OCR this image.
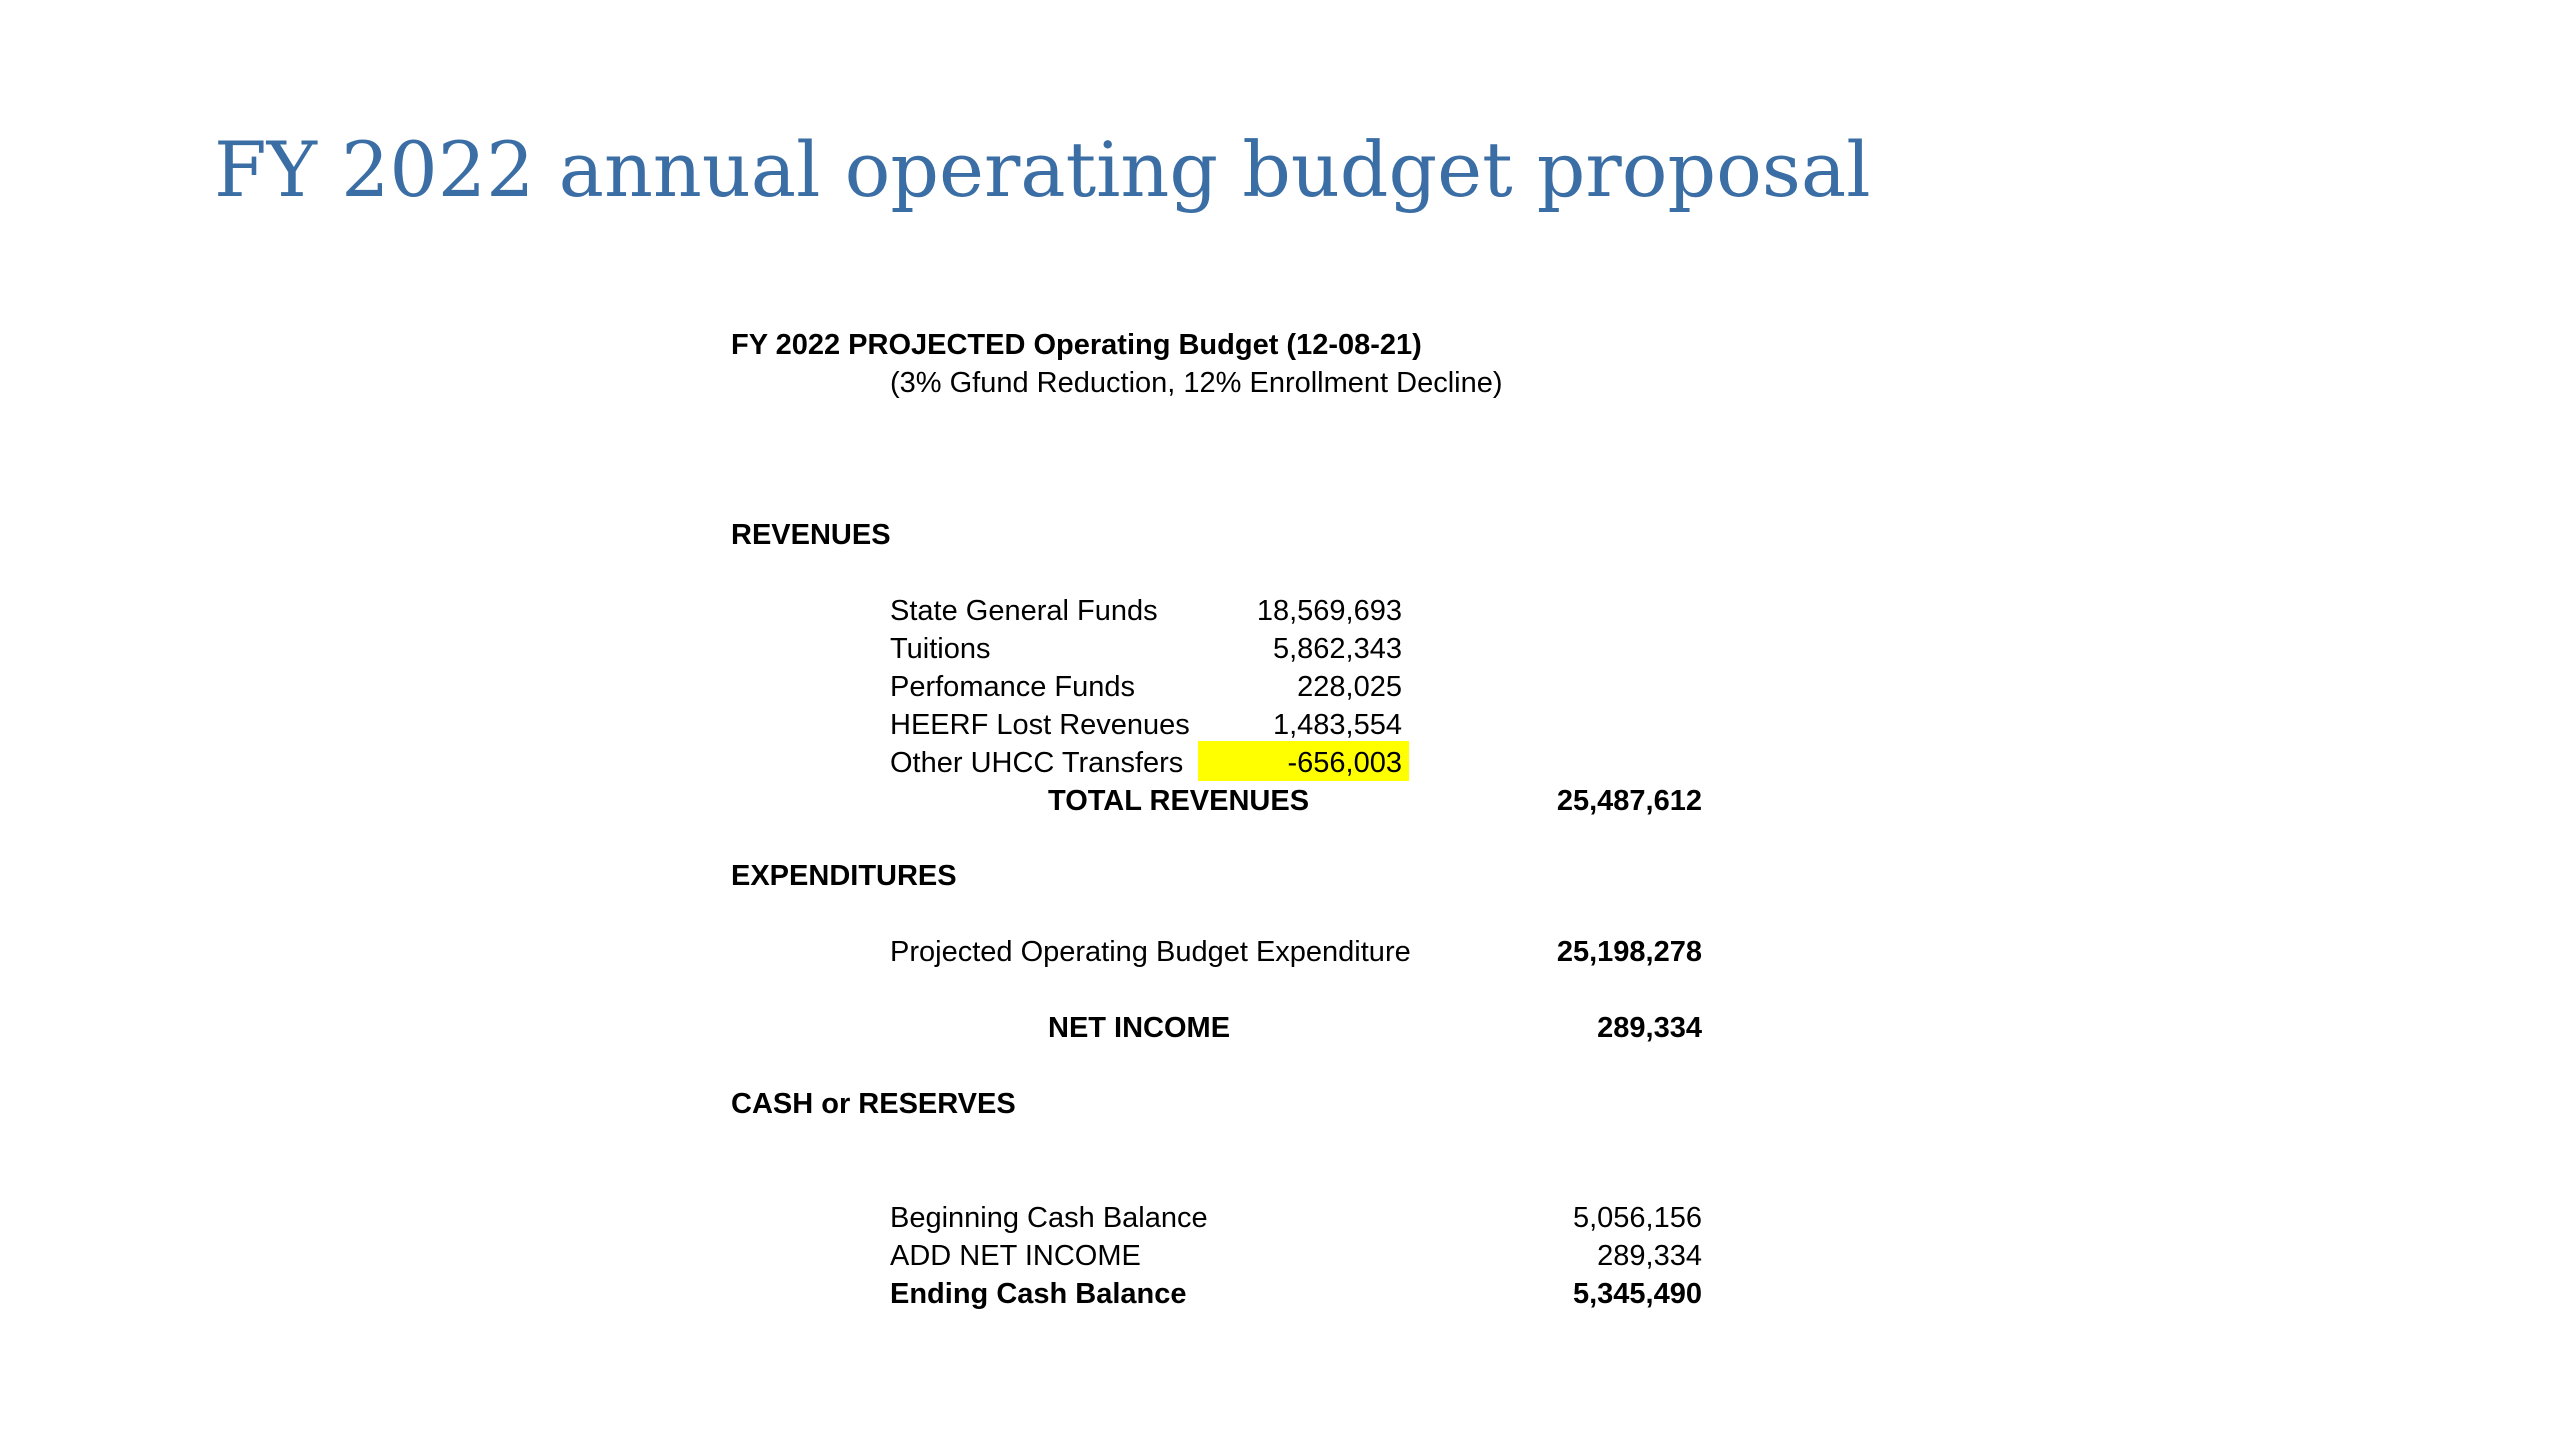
FY 2022 annual operating budget proposal
FY 2022 PROJECTED Operating Budget (12-08-21)
(3% Gfund Reduction, 12% Enrollment Decline)
REVENUES
State General Funds	18,569,693
Tuitions	5,862,343
Perfomance Funds	228,025
HEERF Lost Revenues	1,483,554
Other UHCC Transfers	-656,003
TOTAL REVENUES	25,487,612
EXPENDITURES
Projected Operating Budget Expenditure	25,198,278
NET INCOME	289,334
CASH or RESERVES
Beginning Cash Balance	5,056,156
ADD NET INCOME	289,334
Ending Cash Balance	5,345,490
